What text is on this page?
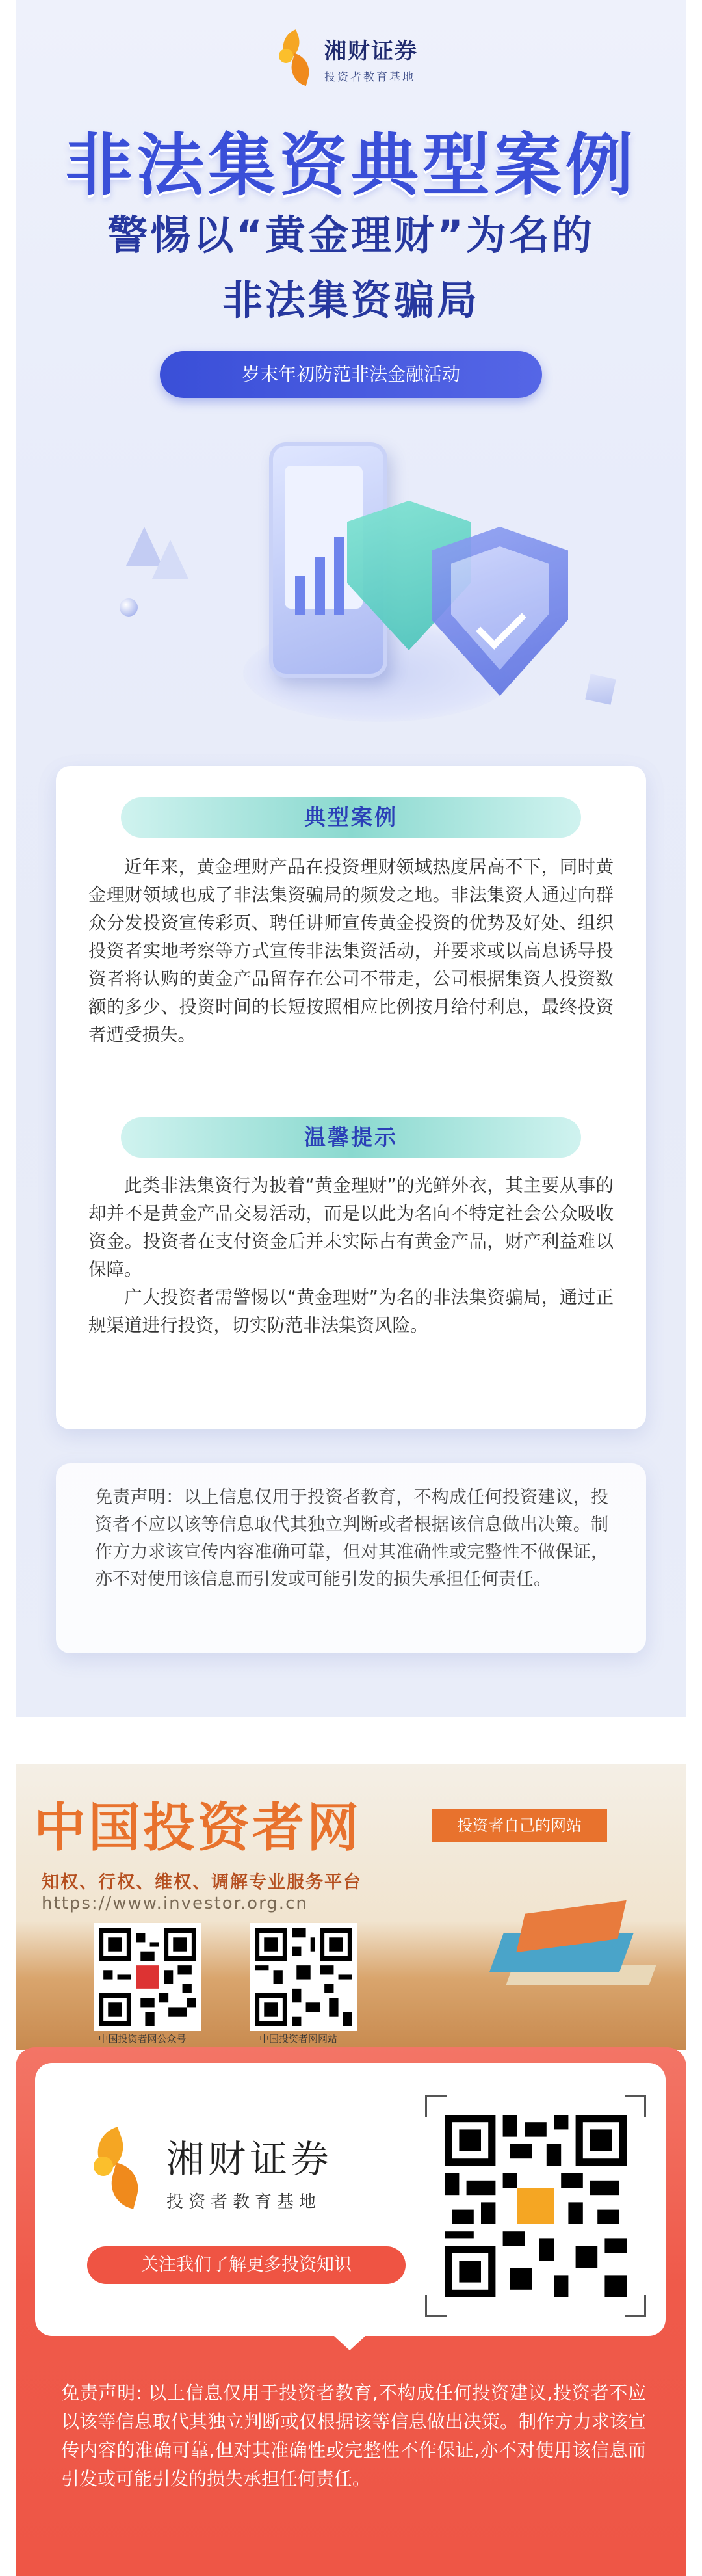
湘财证券
投资者教育基地
非法集资典型案例
警惕以“黄金理财”为名的
非法集资骗局
岁末年初防范非法金融活动
典型案例
近年来，黄金理财产品在投资理财领域热度居高不下，同时黄金理财领域也成了非法集资骗局的频发之地。非法集资人通过向群众分发投资宣传彩页、聘任讲师宣传黄金投资的优势及好处、组织投资者实地考察等方式宣传非法集资活动，并要求或以高息诱导投资者将认购的黄金产品留存在公司不带走，公司根据集资人投资数额的多少、投资时间的长短按照相应比例按月给付利息，最终投资者遭受损失。
温馨提示
此类非法集资行为披着“黄金理财”的光鲜外衣，其主要从事的却并不是黄金产品交易活动，而是以此为名向不特定社会公众吸收资金。投资者在支付资金后并未实际占有黄金产品，财产利益难以保障。
广大投资者需警惕以“黄金理财”为名的非法集资骗局，通过正规渠道进行投资，切实防范非法集资风险。
免责声明：以上信息仅用于投资者教育，不构成任何投资建议，投资者不应以该等信息取代其独立判断或者根据该信息做出决策。制作方力求该宣传内容准确可靠，但对其准确性或完整性不做保证，亦不对使用该信息而引发或可能引发的损失承担任何责任。
中国投资者网	投资者自己的网站
知权、行权、维权、调解专业服务平台
https://www.investor.org.cn
中国投资者网公众号	中国投资者网网站
湘财证券
投资者教育基地
关注我们了解更多投资知识
免责声明: 以上信息仅用于投资者教育,不构成任何投资建议,投资者不应以该等信息取代其独立判断或仅根据该等信息做出决策。制作方力求该宣传内容的准确可靠,但对其准确性或完整性不作保证,亦不对使用该信息而引发或可能引发的损失承担任何责任。
